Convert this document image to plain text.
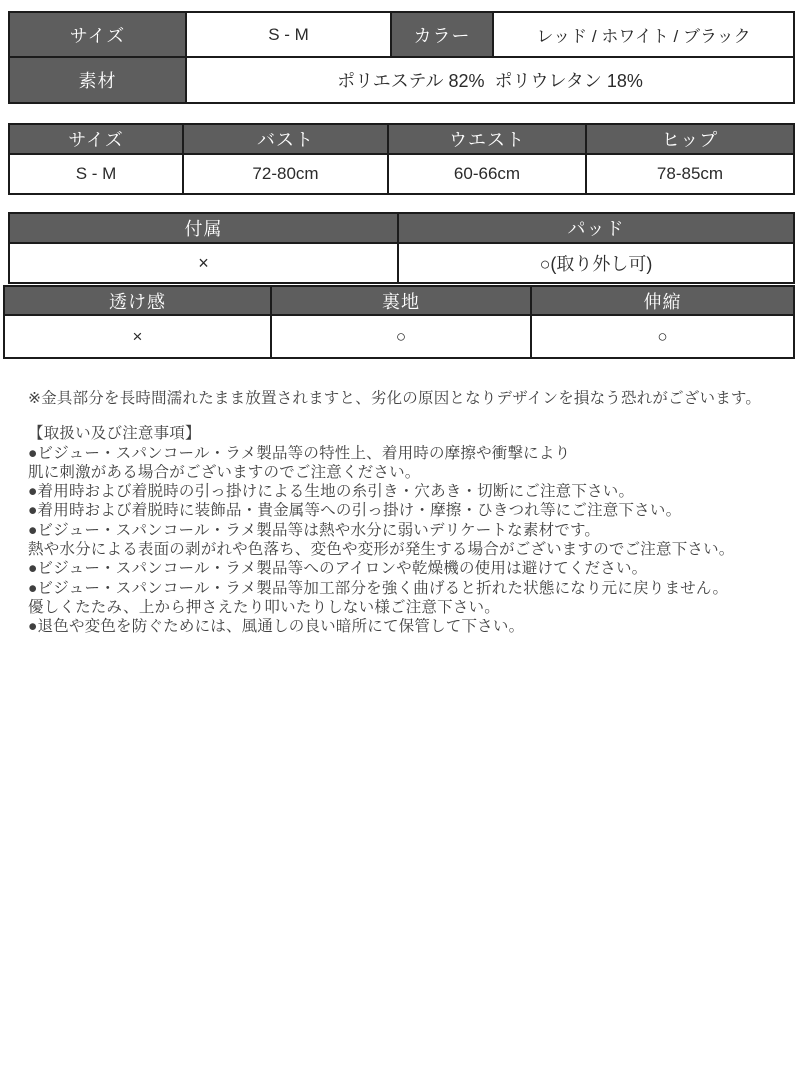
サイズ	S - M	カラー	レッド / ホワイト / ブラック
素材	ポリエステル 82%  ポリウレタン 18%		
サイズ	バスト	ウエスト	ヒップ
S - M	72-80cm	60-66cm	78-85cm
付属	パッド
×	○(取り外し可)
透け感	裏地	伸縮
×	○	○
※金具部分を長時間濡れたまま放置されますと、劣化の原因となりデザインを損なう恐れがございます。
【取扱い及び注意事項】
●ビジュー・スパンコール・ラメ製品等の特性上、着用時の摩擦や衝撃により
肌に刺激がある場合がございますのでご注意ください。
●着用時および着脱時の引っ掛けによる生地の糸引き・穴あき・切断にご注意下さい。
●着用時および着脱時に装飾品・貴金属等への引っ掛け・摩擦・ひきつれ等にご注意下さい。
●ビジュー・スパンコール・ラメ製品等は熱や水分に弱いデリケートな素材です。
熱や水分による表面の剥がれや色落ち、変色や変形が発生する場合がございますのでご注意下さい。
●ビジュー・スパンコール・ラメ製品等へのアイロンや乾燥機の使用は避けてください。
●ビジュー・スパンコール・ラメ製品等加工部分を強く曲げると折れた状態になり元に戻りません。
優しくたたみ、上から押さえたり叩いたりしない様ご注意下さい。
●退色や変色を防ぐためには、風通しの良い暗所にて保管して下さい。
